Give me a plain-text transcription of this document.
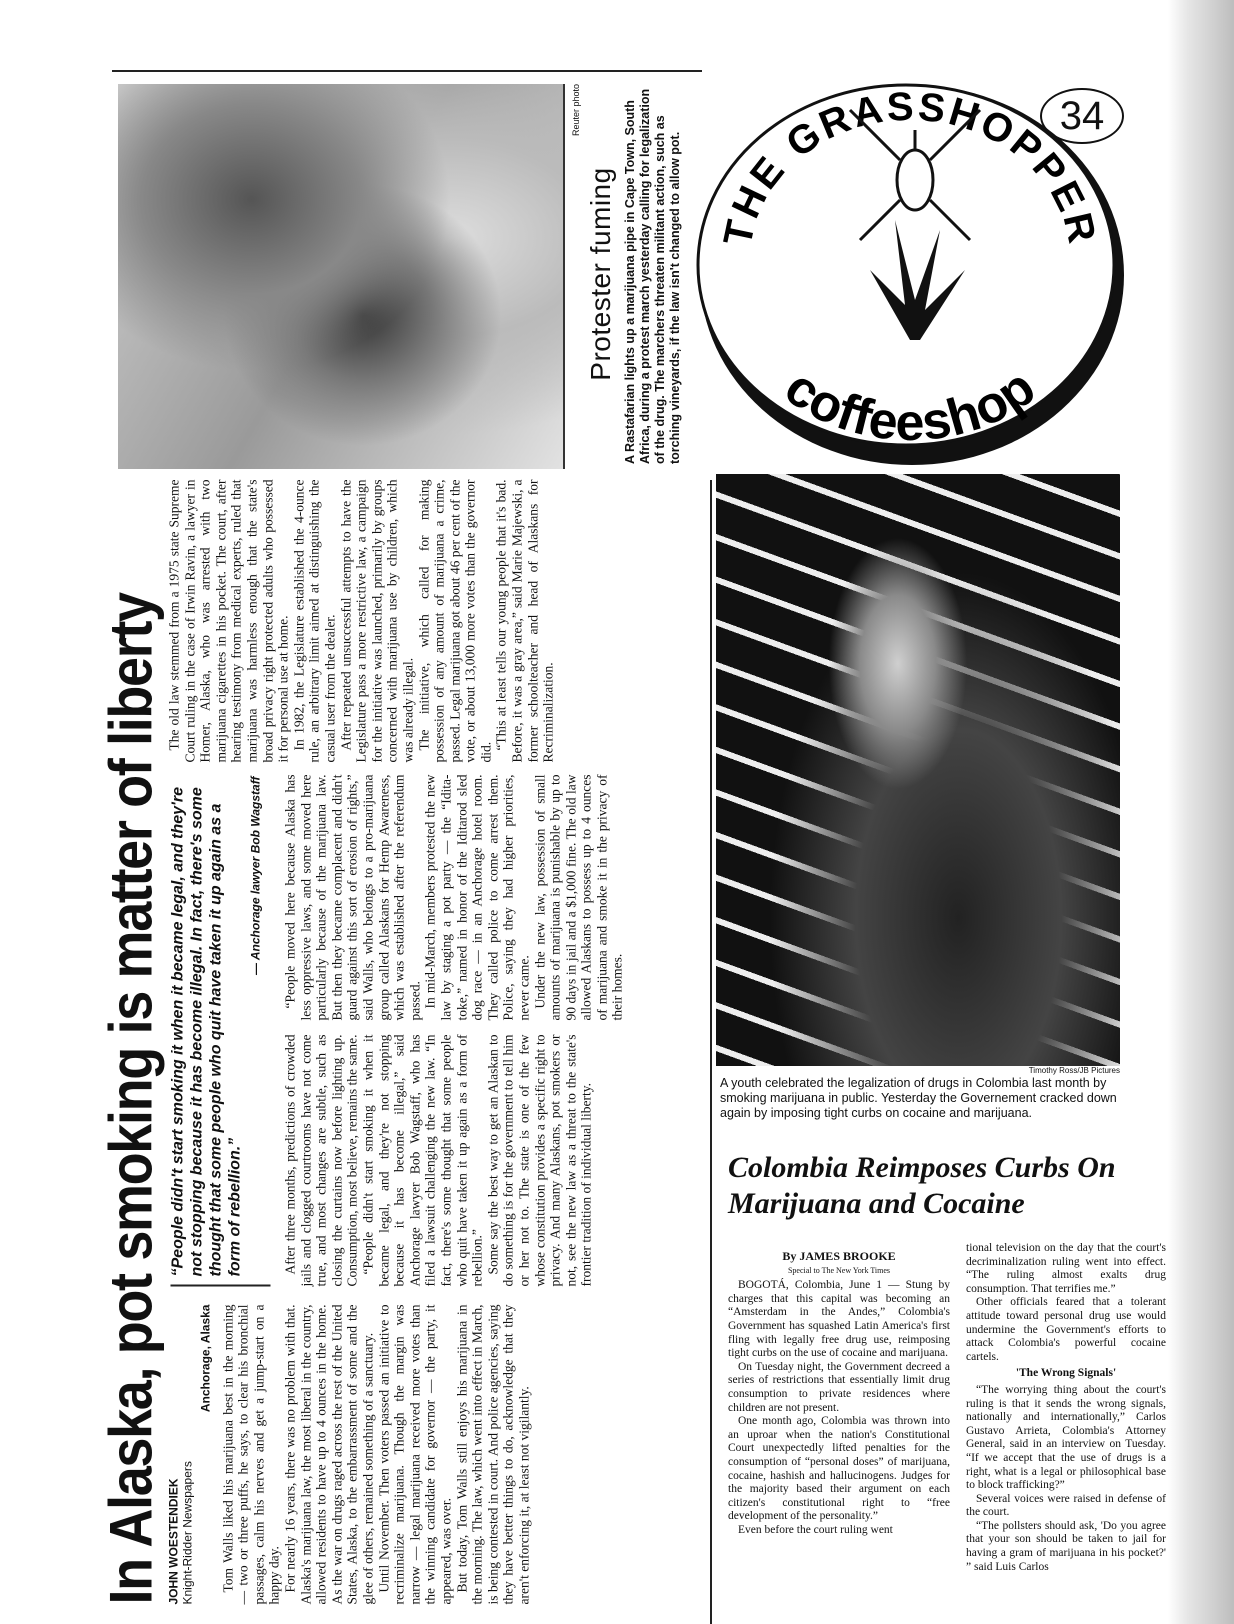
Reuter photo
Protester fuming A Rastafarian lights up a marijuana pipe in Cape Town, South Africa, during a protest march yesterday calling for legalization of the drug. The marchers threaten militant action, such as torching vineyards, if the law isn't changed to allow pot.
34
THE GRASSHOPPER
coffeeshop
In Alaska, pot smoking is matter of liberty JOHN WOESTENDIEK
Knight-Ridder Newspapers
Anchorage, Alaska Tom Walls liked his marijuana best in the morning — two or three puffs, he says, to clear his bronchial passages, calm his nerves and get a jump-start on a happy day. For nearly 16 years, there was no problem with that. Alaska's marijuana law, the most liberal in the country, allowed residents to have up to 4 ounces in the home. As the war on drugs raged across the rest of the United States, Alaska, to the embarrassment of some and the glee of others, remained something of a sanctuary. Until November. Then voters passed an initiative to recriminalize marijuana. Though the margin was narrow — legal marijuana received more votes than the winning candidate for governor — the party, it appeared, was over. But today, Tom Walls still enjoys his marijuana in the morning. The law, which went into effect in March, is being contested in court. And police agencies, saying they have better things to do, acknowledge that they aren't enforcing it, at least not vigilantly.

“People didn't start smoking it when it became legal, and they're not stopping because it has become illegal. In fact, there's some thought that some people who quit have taken it up again as a form of rebellion.”
— Anchorage lawyer Bob Wagstaff

After three months, predictions of crowded jails and clogged courtrooms have not come true, and most changes are subtle, such as closing the curtains now before lighting up. Consumption, most believe, remains the same. “People didn't start smoking it when it became legal, and they're not stopping because it has become illegal,” said Anchorage lawyer Bob Wagstaff, who has filed a lawsuit challenging the new law. “In fact, there's some thought that some people who quit have taken it up again as a form of rebellion.” Some say the best way to get an Alaskan to do something is for the government to tell him or her not to. The state is one of the few whose constitution provides a specific right to privacy. And many Alaskans, pot smokers or not, see the new law as a threat to the state's frontier tradition of individual liberty.

“People moved here because Alaska has less oppressive laws, and some moved here particularly because of the marijuana law. But then they became complacent and didn't guard against this sort of erosion of rights,” said Walls, who belongs to a pro-marijuana group called Alaskans for Hemp Awareness, which was established after the referendum passed. In mid-March, members protested the new law by staging a pot party — the “Idita-toke,” named in honor of the Iditarod sled dog race — in an Anchorage hotel room. They called police to come arrest them. Police, saying they had higher priorities, never came. Under the new law, possession of small amounts of marijuana is punishable by up to 90 days in jail and a $1,000 fine. The old law allowed Alaskans to possess up to 4 ounces of marijuana and smoke it in the privacy of their homes.

The old law stemmed from a 1975 state Supreme Court ruling in the case of Irwin Ravin, a lawyer in Homer, Alaska, who was arrested with two marijuana cigarettes in his pocket. The court, after hearing testimony from medical experts, ruled that marijuana was harmless enough that the state's broad privacy right protected adults who possessed it for personal use at home. In 1982, the Legislature established the 4-ounce rule, an arbitrary limit aimed at distinguishing the casual user from the dealer. After repeated unsuccessful attempts to have the Legislature pass a more restrictive law, a campaign for the initiative was launched, primarily by groups concerned with marijuana use by children, which was already illegal. The initiative, which called for making possession of any amount of marijuana a crime, passed. Legal marijuana got about 46 per cent of the vote, or about 13,000 more votes than the governor did.

“This at least tells our young people that it's bad. Before, it was a gray area,” said Marie Majewski, a former schoolteacher and head of Alaskans for Recriminalization.

Timothy Ross/JB Pictures
A youth celebrated the legalization of drugs in Colombia last month by smoking marijuana in public. Yesterday the Governement cracked down again by imposing tight curbs on cocaine and marijuana.
Colombia Reimposes Curbs On Marijuana and Cocaine
By JAMES BROOKE
Special to The New York Times

BOGOTÁ, Colombia, June 1 — Stung by charges that this capital was becoming an “Amsterdam in the Andes,” Colombia's Government has squashed Latin America's first fling with legally free drug use, reimposing tight curbs on the use of cocaine and marijuana.

On Tuesday night, the Government decreed a series of restrictions that essentially limit drug consumption to private residences where children are not present.

One month ago, Colombia was thrown into an uproar when the nation's Constitutional Court unexpectedly lifted penalties for the consumption of “personal doses” of marijuana, cocaine, hashish and hallucinogens. Judges for the majority based their argument on each citizen's constitutional right to “free development of the personality.”

Even before the court ruling went

tional television on the day that the court's decriminalization ruling went into effect. “The ruling almost exalts drug consumption. That terrifies me.”

Other officials feared that a tolerant attitude toward personal drug use would undermine the Government's efforts to attack Colombia's powerful cocaine cartels.

'The Wrong Signals'

“The worrying thing about the court's ruling is that it sends the wrong signals, nationally and internationally,” Carlos Gustavo Arrieta, Colombia's Attorney General, said in an interview on Tuesday. “If we accept that the use of drugs is a right, what is a legal or philosophical base to block trafficking?”

Several voices were raised in defense of the court.

“The pollsters should ask, 'Do you agree that your son should be taken to jail for having a gram of marijuana in his pocket?' ” said Luis Carlos
